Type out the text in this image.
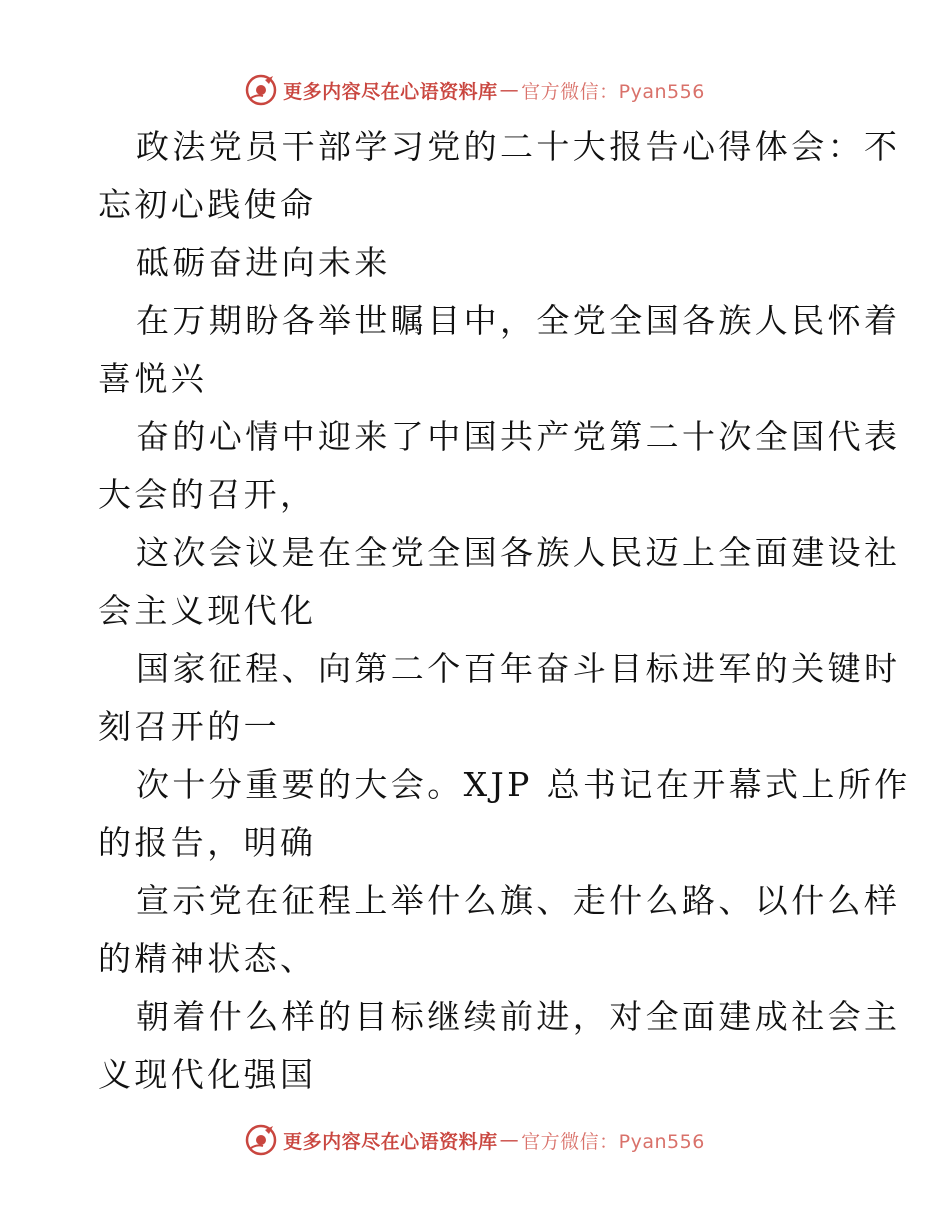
更多内容尽在心语资料库 — 官方微信：Pyan556
政法党员干部学习党的二十大报告心得体会：不
忘初心践使命
砥砺奋进向未来
在万期盼各举世瞩目中，全党全国各族人民怀着
喜悦兴
奋的心情中迎来了中国共产党第二十次全国代表
大会的召开，
这次会议是在全党全国各族人民迈上全面建设社
会主义现代化
国家征程、向第二个百年奋斗目标进军的关键时
刻召开的一
次十分重要的大会。XJP 总书记在开幕式上所作
的报告，明确
宣示党在征程上举什么旗、走什么路、以什么样
的精神状态、
朝着什么样的目标继续前进，对全面建成社会主
义现代化强国
更多内容尽在心语资料库 — 官方微信：Pyan556
